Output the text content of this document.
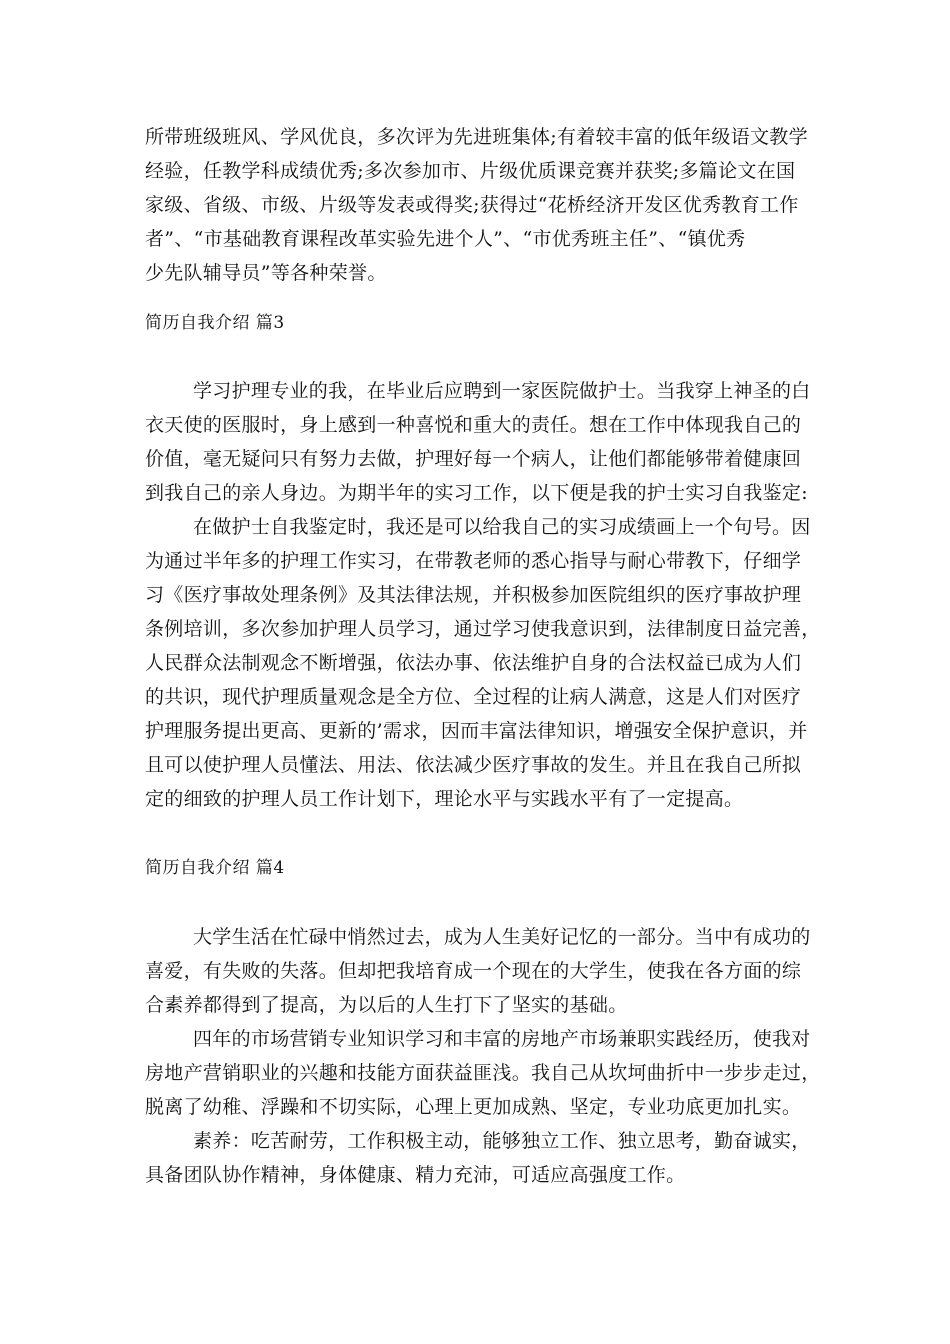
所带班级班风、学风优良，多次评为先进班集体;有着较丰富的低年级语文教学
经验，任教学科成绩优秀;多次参加市、片级优质课竞赛并获奖;多篇论文在国
家级、省级、市级、片级等发表或得奖;获得过“花桥经济开发区优秀教育工作
者”、“市基础教育课程改革实验先进个人”、“市优秀班主任”、“镇优秀
少先队辅导员”等各种荣誉。
简历自我介绍 篇3
学习护理专业的我，在毕业后应聘到一家医院做护士。当我穿上神圣的白
衣天使的医服时，身上感到一种喜悦和重大的责任。想在工作中体现我自己的
价值，毫无疑问只有努力去做，护理好每一个病人，让他们都能够带着健康回
到我自己的亲人身边。为期半年的实习工作，以下便是我的护士实习自我鉴定:
在做护士自我鉴定时，我还是可以给我自己的实习成绩画上一个句号。因
为通过半年多的护理工作实习，在带教老师的悉心指导与耐心带教下，仔细学
习《医疗事故处理条例》及其法律法规，并积极参加医院组织的医疗事故护理
条例培训，多次参加护理人员学习，通过学习使我意识到，法律制度日益完善，
人民群众法制观念不断增强，依法办事、依法维护自身的合法权益已成为人们
的共识，现代护理质量观念是全方位、全过程的让病人满意，这是人们对医疗
护理服务提出更高、更新的’需求，因而丰富法律知识，增强安全保护意识，并
且可以使护理人员懂法、用法、依法减少医疗事故的发生。并且在我自己所拟
定的细致的护理人员工作计划下，理论水平与实践水平有了一定提高。
简历自我介绍 篇4
大学生活在忙碌中悄然过去，成为人生美好记忆的一部分。当中有成功的
喜爱，有失败的失落。但却把我培育成一个现在的大学生，使我在各方面的综
合素养都得到了提高，为以后的人生打下了坚实的基础。
四年的市场营销专业知识学习和丰富的房地产市场兼职实践经历，使我对
房地产营销职业的兴趣和技能方面获益匪浅。我自己从坎坷曲折中一步步走过，
脱离了幼稚、浮躁和不切实际，心理上更加成熟、坚定，专业功底更加扎实。
素养：吃苦耐劳，工作积极主动，能够独立工作、独立思考，勤奋诚实，
具备团队协作精神，身体健康、精力充沛，可适应高强度工作。
